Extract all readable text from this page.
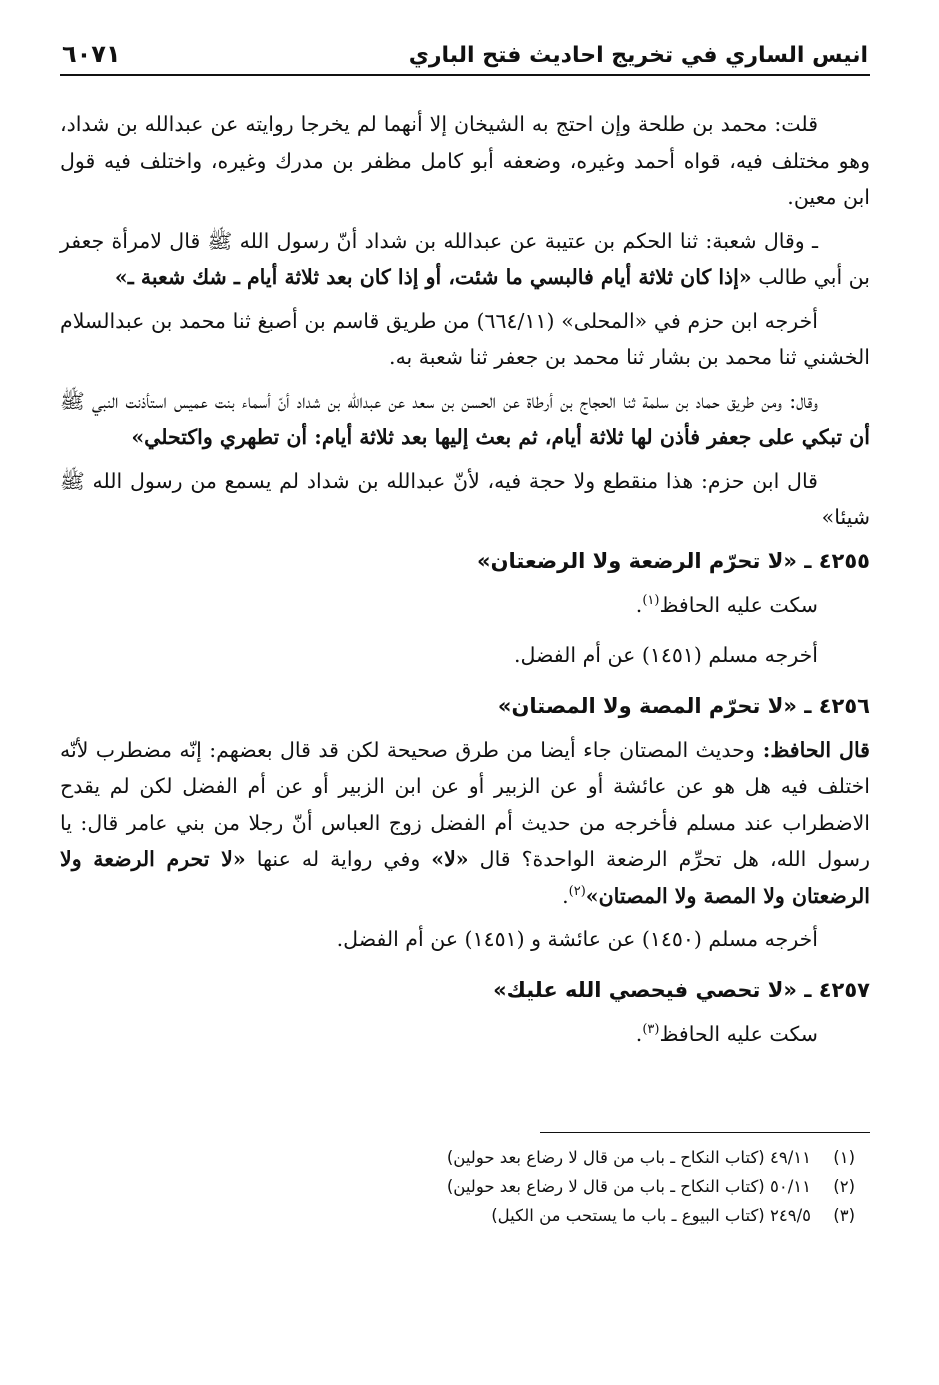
انيس الساري في تخريج احاديث فتح الباري
٦٠٧١

قلت: محمد بن طلحة وإن احتج به الشيخان إلا أنهما لم يخرجا روايته عن عبدالله بن شداد، وهو مختلف فيه، قواه أحمد وغيره، وضعفه أبو كامل مظفر بن مدرك وغيره، واختلف فيه قول ابن معين.

ـ وقال شعبة: ثنا الحكم بن عتيبة عن عبدالله بن شداد أنّ رسول الله ﷺ قال لامرأة جعفر بن أبي طالب «إذا كان ثلاثة أيام فالبسي ما شئت، أو إذا كان بعد ثلاثة أيام ـ شك شعبة ـ»

أخرجه ابن حزم في «المحلى» (٦٦٤/١١) من طريق قاسم بن أصبغ ثنا محمد بن عبدالسلام الخشني ثنا محمد بن بشار ثنا محمد بن جعفر ثنا شعبة به.

وقال: ومن طريق حماد بن سلمة ثنا الحجاج بن أرطاة عن الحسن بن سعد عن عبدالله بن شداد أنّ أسماء بنت عميس استأذنت النبي ﷺ أن تبكي على جعفر فأذن لها ثلاثة أيام، ثم بعث إليها بعد ثلاثة أيام: أن تطهري واكتحلي»

قال ابن حزم: هذا منقطع ولا حجة فيه، لأنّ عبدالله بن شداد لم يسمع من رسول الله ﷺ شيئا»

٤٢٥٥ ـ «لا تحرّم الرضعة ولا الرضعتان»
سكت عليه الحافظ$^{(١)}$.
أخرجه مسلم (١٤٥١) عن أم الفضل.
٤٢٥٦ ـ «لا تحرّم المصة ولا المصتان»

قال الحافظ: وحديث المصتان جاء أيضا من طرق صحيحة لكن قد قال بعضهم: إنّه مضطرب لأنّه اختلف فيه هل هو عن عائشة أو عن الزبير أو عن ابن الزبير أو عن أم الفضل لكن لم يقدح الاضطراب عند مسلم فأخرجه من حديث أم الفضل زوج العباس أنّ رجلا من بني عامر قال: يا رسول الله، هل تحرِّم الرضعة الواحدة؟ قال «لا» وفي رواية له عنها «لا تحرم الرضعة ولا الرضعتان ولا المصة ولا المصتان»$^{(٢)}$.

أخرجه مسلم (١٤٥٠) عن عائشة و (١٤٥١) عن أم الفضل.
٤٢٥٧ ـ «لا تحصي فيحصي الله عليك»
سكت عليه الحافظ$^{(٣)}$.
(١)٤٩/١١ (كتاب النكاح ـ باب من قال لا رضاع بعد حولين)
(٢)٥٠/١١ (كتاب النكاح ـ باب من قال لا رضاع بعد حولين)
(٣)٢٤٩/٥ (كتاب البيوع ـ باب ما يستحب من الكيل)
